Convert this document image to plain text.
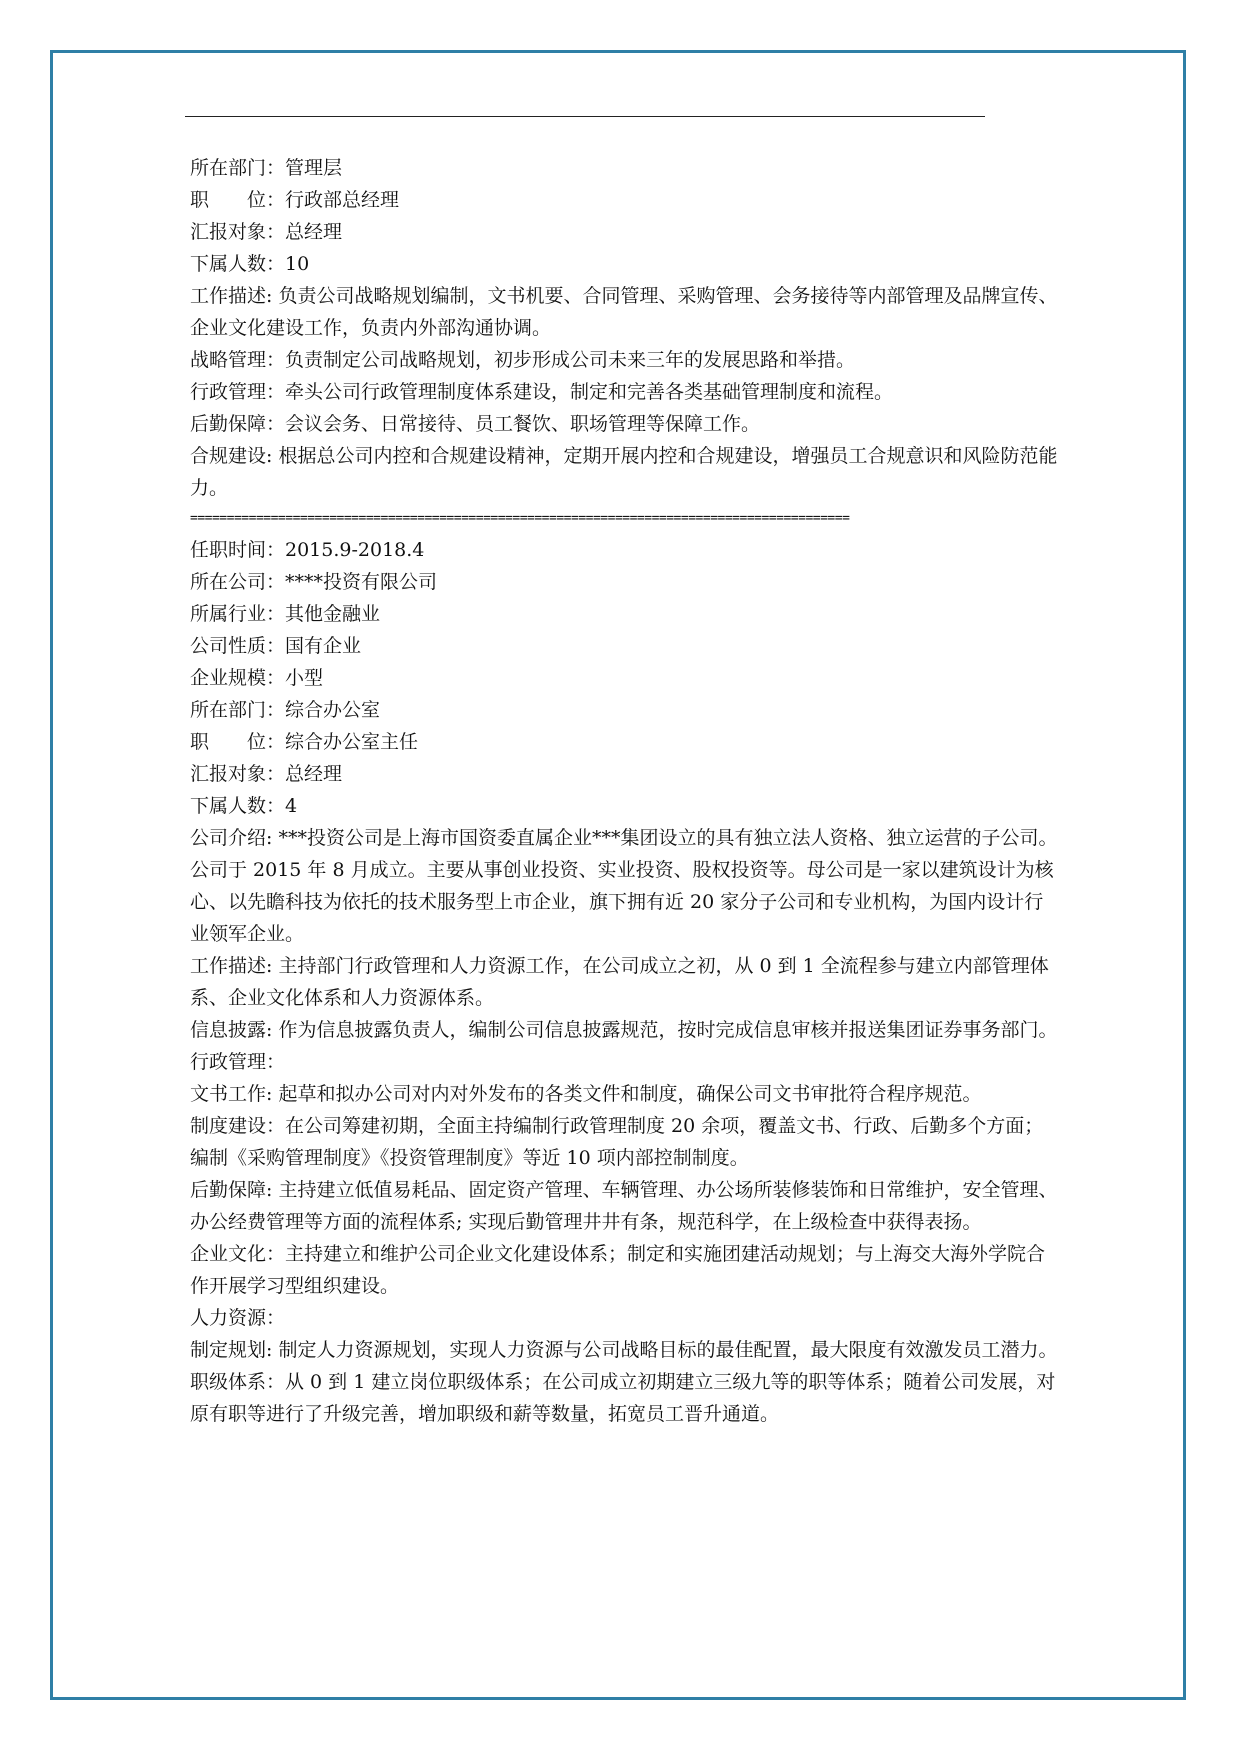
所在部门：管理层

职　　位：行政部总经理

汇报对象：总经理

下属人数：10

工作描述: 负责公司战略规划编制，文书机要、合同管理、采购管理、会务接待等内部管理及品牌宣传、企业文化建设工作，负责内外部沟通协调。

战略管理：负责制定公司战略规划，初步形成公司未来三年的发展思路和举措。

行政管理：牵头公司行政管理制度体系建设，制定和完善各类基础管理制度和流程。

后勤保障：会议会务、日常接待、员工餐饮、职场管理等保障工作。

合规建设: 根据总公司内控和合规建设精神，定期开展内控和合规建设，增强员工合规意识和风险防范能力。

==========================================================================================

任职时间：2015.9-2018.4

所在公司：****投资有限公司

所属行业：其他金融业

公司性质：国有企业

企业规模：小型

所在部门：综合办公室

职　　位：综合办公室主任

汇报对象：总经理

下属人数：4

公司介绍: ***投资公司是上海市国资委直属企业***集团设立的具有独立法人资格、独立运营的子公司。公司于 2015 年 8 月成立。主要从事创业投资、实业投资、股权投资等。母公司是一家以建筑设计为核心、以先瞻科技为依托的技术服务型上市企业，旗下拥有近 20 家分子公司和专业机构，为国内设计行业领军企业。

工作描述: 主持部门行政管理和人力资源工作，在公司成立之初，从 0 到 1 全流程参与建立内部管理体系、企业文化体系和人力资源体系。

信息披露: 作为信息披露负责人，编制公司信息披露规范，按时完成信息审核并报送集团证券事务部门。

行政管理：

文书工作: 起草和拟办公司对内对外发布的各类文件和制度，确保公司文书审批符合程序规范。

制度建设：在公司筹建初期，全面主持编制行政管理制度 20 余项，覆盖文书、行政、后勤多个方面；编制《采购管理制度》《投资管理制度》等近 10 项内部控制制度。

后勤保障: 主持建立低值易耗品、固定资产管理、车辆管理、办公场所装修装饰和日常维护，安全管理、办公经费管理等方面的流程体系; 实现后勤管理井井有条，规范科学，在上级检查中获得表扬。

企业文化：主持建立和维护公司企业文化建设体系；制定和实施团建活动规划；与上海交大海外学院合作开展学习型组织建设。

人力资源：

制定规划: 制定人力资源规划，实现人力资源与公司战略目标的最佳配置，最大限度有效激发员工潜力。

职级体系：从 0 到 1 建立岗位职级体系；在公司成立初期建立三级九等的职等体系；随着公司发展，对原有职等进行了升级完善，增加职级和薪等数量，拓宽员工晋升通道。
